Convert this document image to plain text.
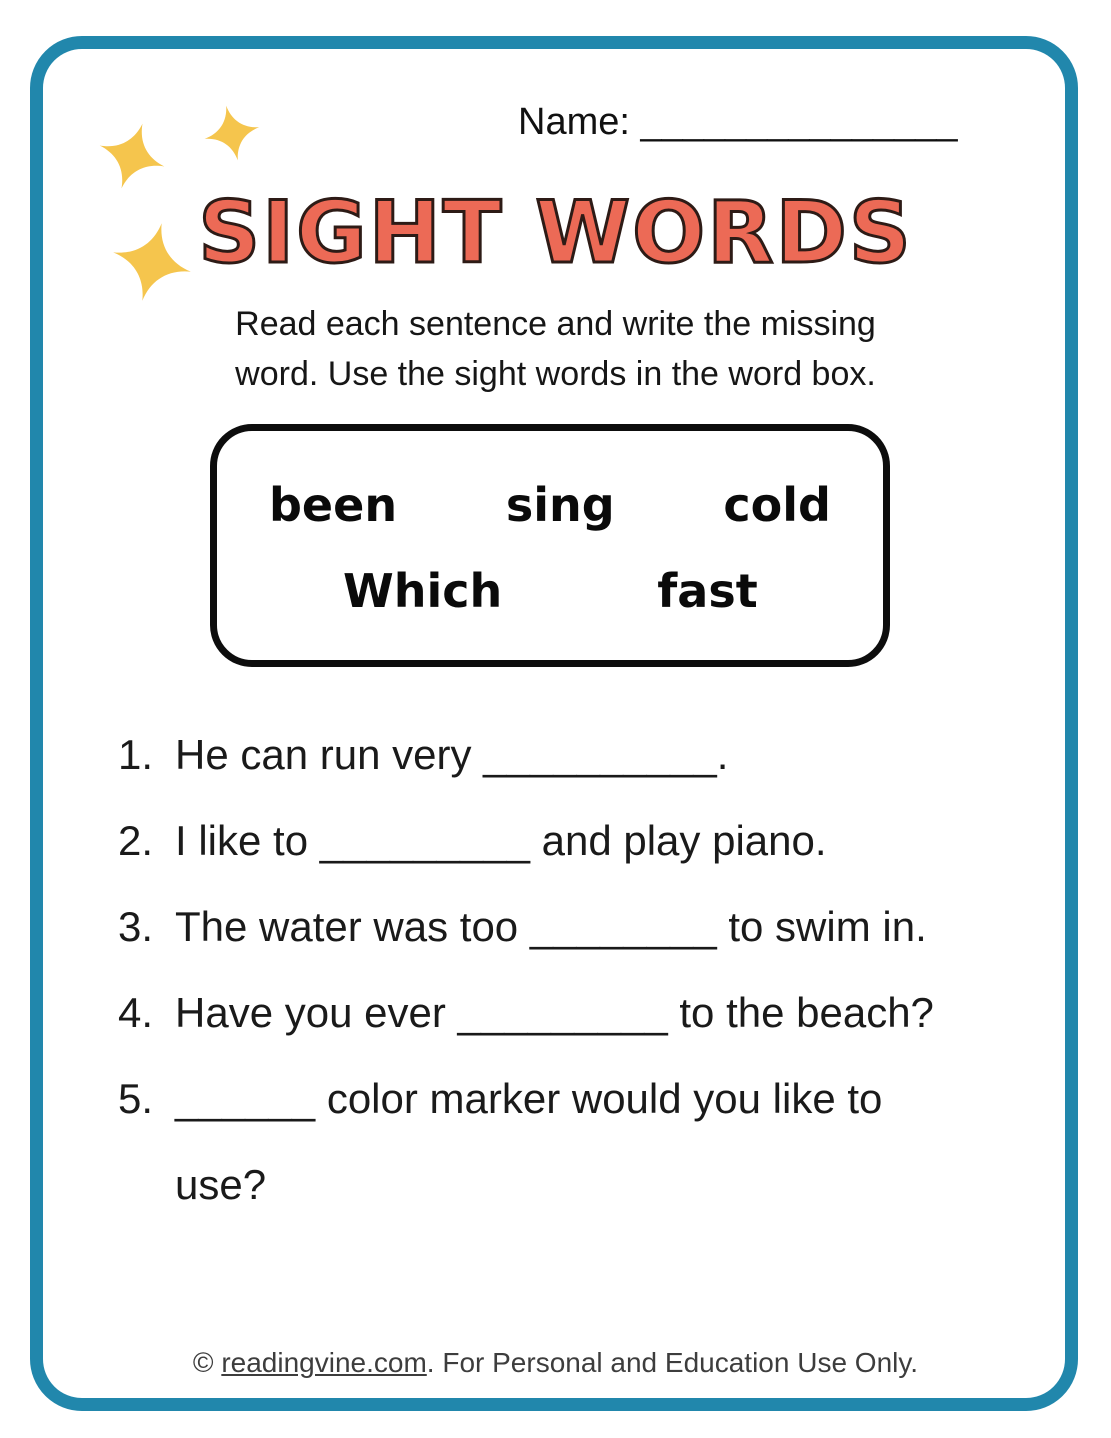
Name: _______________
SIGHT WORDS
Read each sentence and write the missing
word. Use the sight words in the word box.
been sing cold
Which	fast
1. He can run very __________.
2. I like to _________ and play piano.
3. The water was too ________ to swim in.
4. Have you ever _________ to the beach?
5. ______ color marker would you like to
use?
© readingvine.com. For Personal and Education Use Only.
